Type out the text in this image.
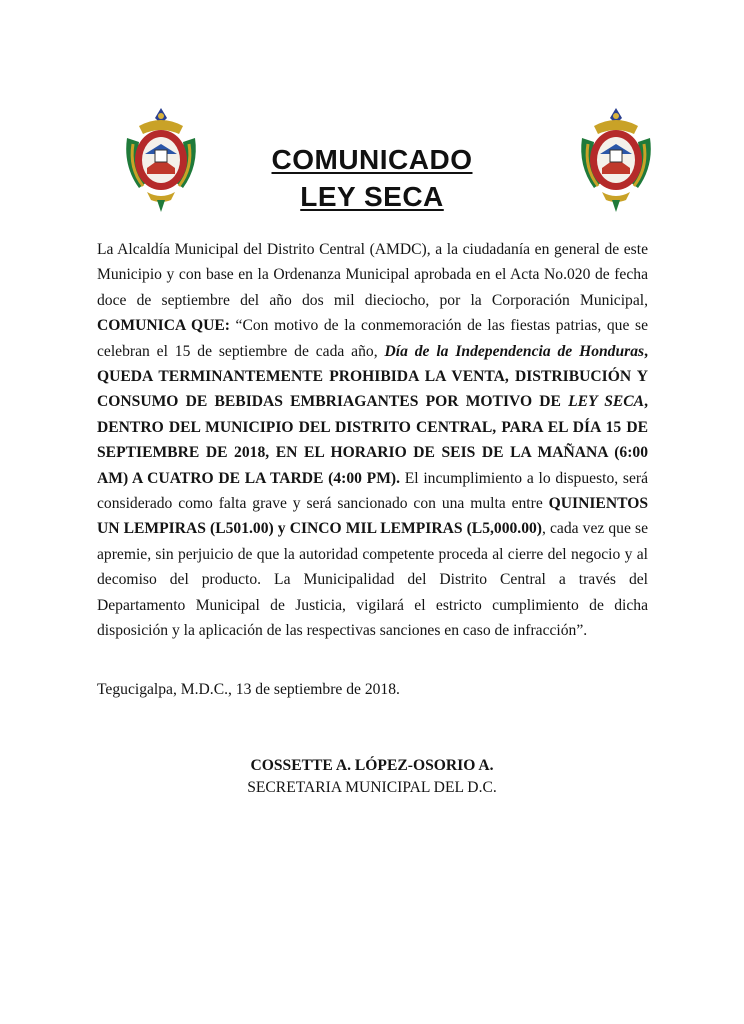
COMUNICADO
LEY SECA

La Alcaldía Municipal del Distrito Central (AMDC), a la ciudadanía en general de este Municipio y con base en la Ordenanza Municipal aprobada en el Acta No.020 de fecha doce de septiembre del año dos mil dieciocho, por la Corporación Municipal, COMUNICA QUE: “Con motivo de la conmemoración de las fiestas patrias, que se celebran el 15 de septiembre de cada año, Día de la Independencia de Honduras, QUEDA TERMINANTEMENTE PROHIBIDA LA VENTA, DISTRIBUCIÓN Y CONSUMO DE BEBIDAS EMBRIAGANTES POR MOTIVO DE LEY SECA, DENTRO DEL MUNICIPIO DEL DISTRITO CENTRAL, PARA EL DÍA 15 DE SEPTIEMBRE DE 2018, EN EL HORARIO DE SEIS DE LA MAÑANA (6:00 AM) A CUATRO DE LA TARDE (4:00 PM). El incumplimiento a lo dispuesto, será considerado como falta grave y será sancionado con una multa entre QUINIENTOS UN LEMPIRAS (L501.00) y CINCO MIL LEMPIRAS (L5,000.00), cada vez que se apremie, sin perjuicio de que la autoridad competente proceda al cierre del negocio y al decomiso del producto. La Municipalidad del Distrito Central a través del Departamento Municipal de Justicia, vigilará el estricto cumplimiento de dicha disposición y la aplicación de las respectivas sanciones en caso de infracción”.

Tegucigalpa, M.D.C., 13 de septiembre de 2018.
COSSETTE A. LÓPEZ-OSORIO A.
SECRETARIA MUNICIPAL DEL D.C.
